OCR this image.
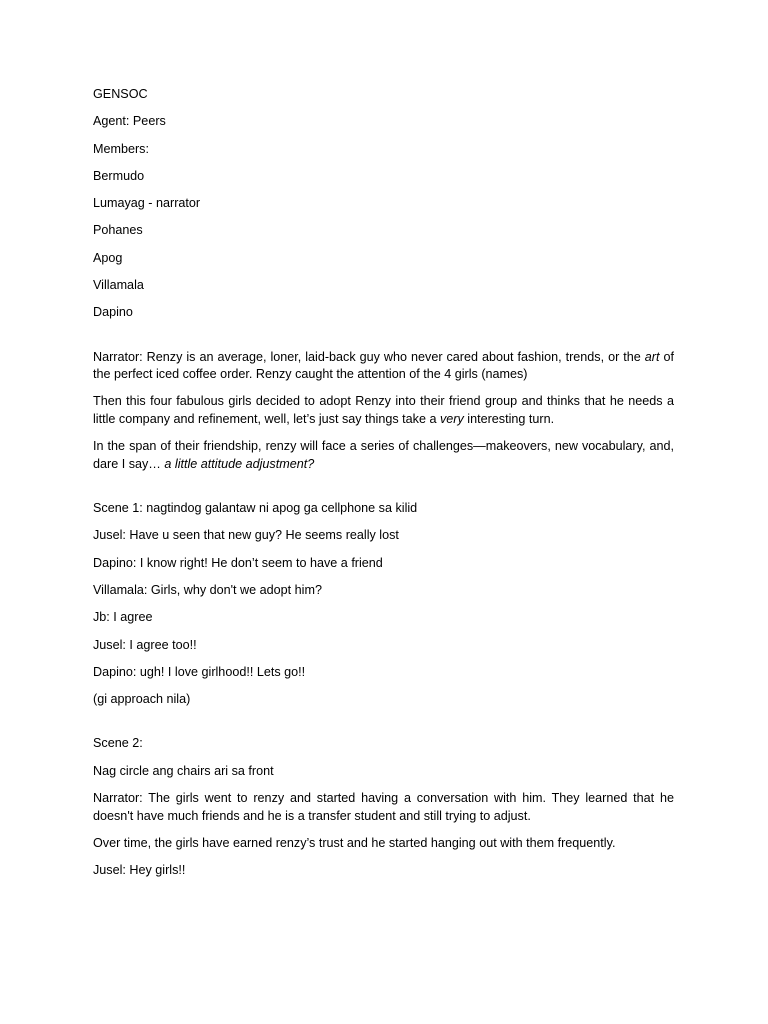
GENSOC
Agent: Peers
Members:
Bermudo
Lumayag - narrator
Pohanes
Apog
Villamala
Dapino

Narrator: Renzy is an average, loner, laid-back guy who never cared about fashion, trends, or the art of the perfect iced coffee order. Renzy caught the attention of the 4 girls (names)

Then this four fabulous girls decided to adopt Renzy into their friend group and thinks that he needs a little company and refinement, well, let’s just say things take a very interesting turn.

In the span of their friendship, renzy will face a series of challenges—makeovers, new vocabulary, and, dare I say… a little attitude adjustment?

Scene 1: nagtindog galantaw ni apog ga cellphone sa kilid
Jusel: Have u seen that new guy? He seems really lost
Dapino: I know right! He don’t seem to have a friend
Villamala: Girls, why don't we adopt him?
Jb: I agree
Jusel: I agree too!!
Dapino: ugh! I love girlhood!! Lets go!!
(gi approach nila)
Scene 2:
Nag circle ang chairs ari sa front

Narrator: The girls went to renzy and started having a conversation with him. They learned that he doesn't have much friends and he is a transfer student and still trying to adjust.

Over time, the girls have earned renzy’s trust and he started hanging out with them frequently.

Jusel: Hey girls!!
